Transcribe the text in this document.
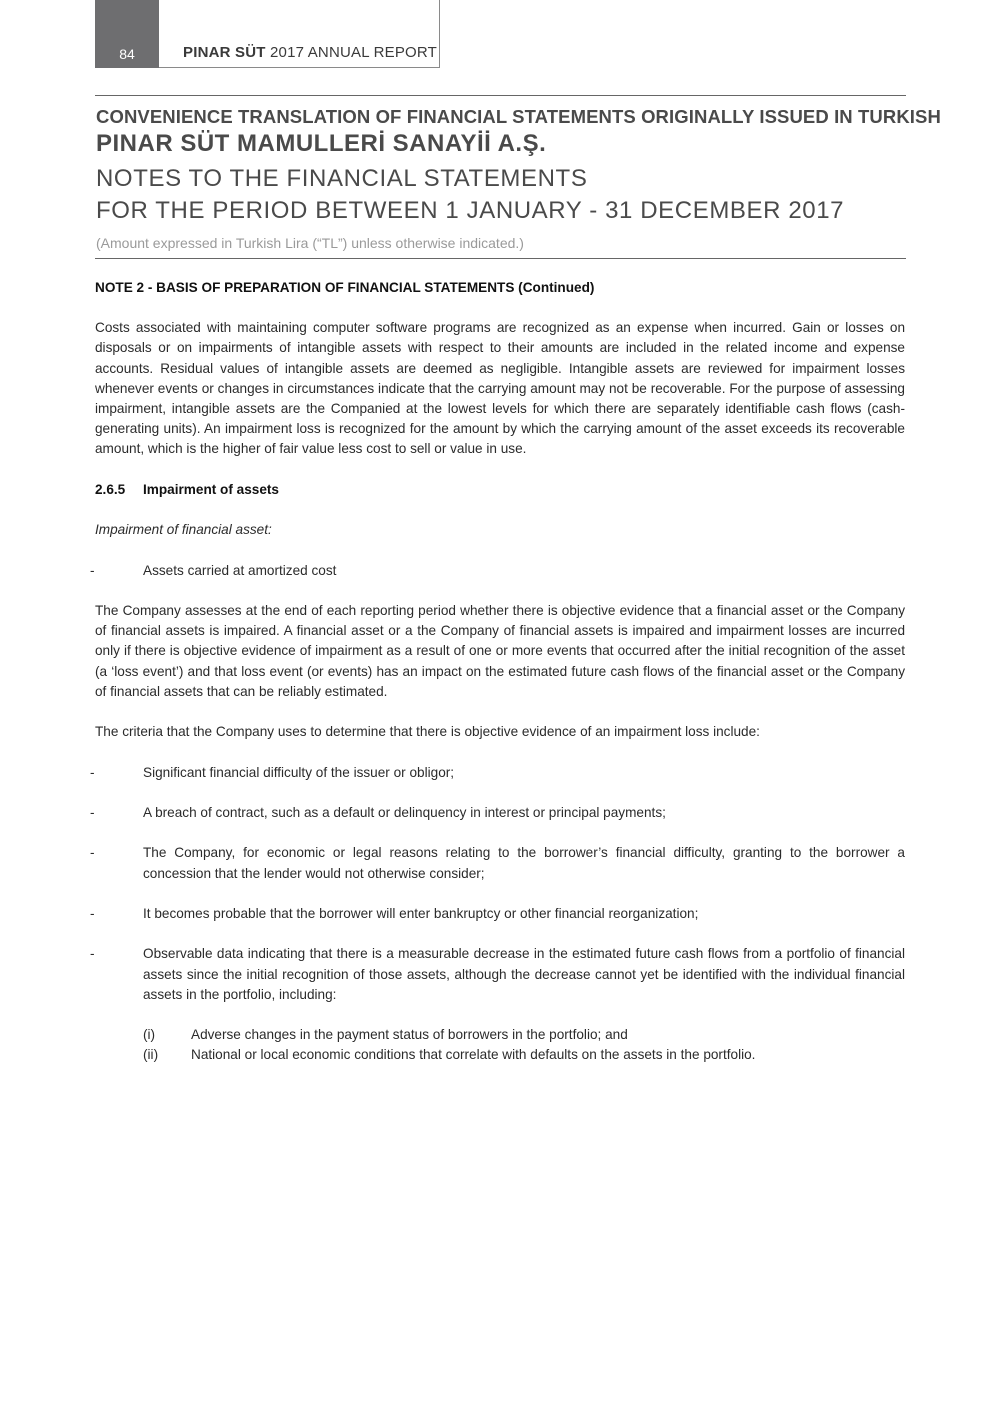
84	PINAR SÜT 2017 ANNUAL REPORT
CONVENIENCE TRANSLATION OF FINANCIAL STATEMENTS ORIGINALLY ISSUED IN TURKISH
PINAR SÜT MAMULLERİ SANAYİİ A.Ş.
NOTES TO THE FINANCIAL STATEMENTS
FOR THE PERIOD BETWEEN 1 JANUARY - 31 DECEMBER 2017
(Amount expressed in Turkish Lira (“TL”) unless otherwise indicated.)
NOTE 2 - BASIS OF PREPARATION OF FINANCIAL STATEMENTS (Continued)

Costs associated with maintaining computer software programs are recognized as an expense when incurred. Gain or losses on disposals or on impairments of intangible assets with respect to their amounts are included in the related income and expense accounts. Residual values of intangible assets are deemed as negligible. Intangible assets are reviewed for impairment losses whenever events or changes in circumstances indicate that the carrying amount may not be recoverable. For the purpose of assessing impairment, intangible assets are the Companied at the lowest levels for which there are separately identifiable cash flows (cash-generating units). An impairment loss is recognized for the amount by which the carrying amount of the asset exceeds its recoverable amount, which is the higher of fair value less cost to sell or value in use.

2.6.5 Impairment of assets
Impairment of financial asset:
-	Assets carried at amortized cost

The Company assesses at the end of each reporting period whether there is objective evidence that a financial asset or the Company of financial assets is impaired. A financial asset or a the Company of financial assets is impaired and impairment losses are incurred only if there is objective evidence of impairment as a result of one or more events that occurred after the initial recognition of the asset (a ‘loss event’) and that loss event (or events) has an impact on the estimated future cash flows of the financial asset or the Company of financial assets that can be reliably estimated.

The criteria that the Company uses to determine that there is objective evidence of an impairment loss include:

-	Significant financial difficulty of the issuer or obligor;
-	A breach of contract, such as a default or delinquency in interest or principal payments;
-	The Company, for economic or legal reasons relating to the borrower’s financial difficulty, granting to the borrower a concession that the lender would not otherwise consider;
-	It becomes probable that the borrower will enter bankruptcy or other financial reorganization;
-	Observable data indicating that there is a measurable decrease in the estimated future cash flows from a portfolio of financial assets since the initial recognition of those assets, although the decrease cannot yet be identified with the individual financial assets in the portfolio, including:
(i)	Adverse changes in the payment status of borrowers in the portfolio; and
(ii) National or local economic conditions that correlate with defaults on the assets in the portfolio.
